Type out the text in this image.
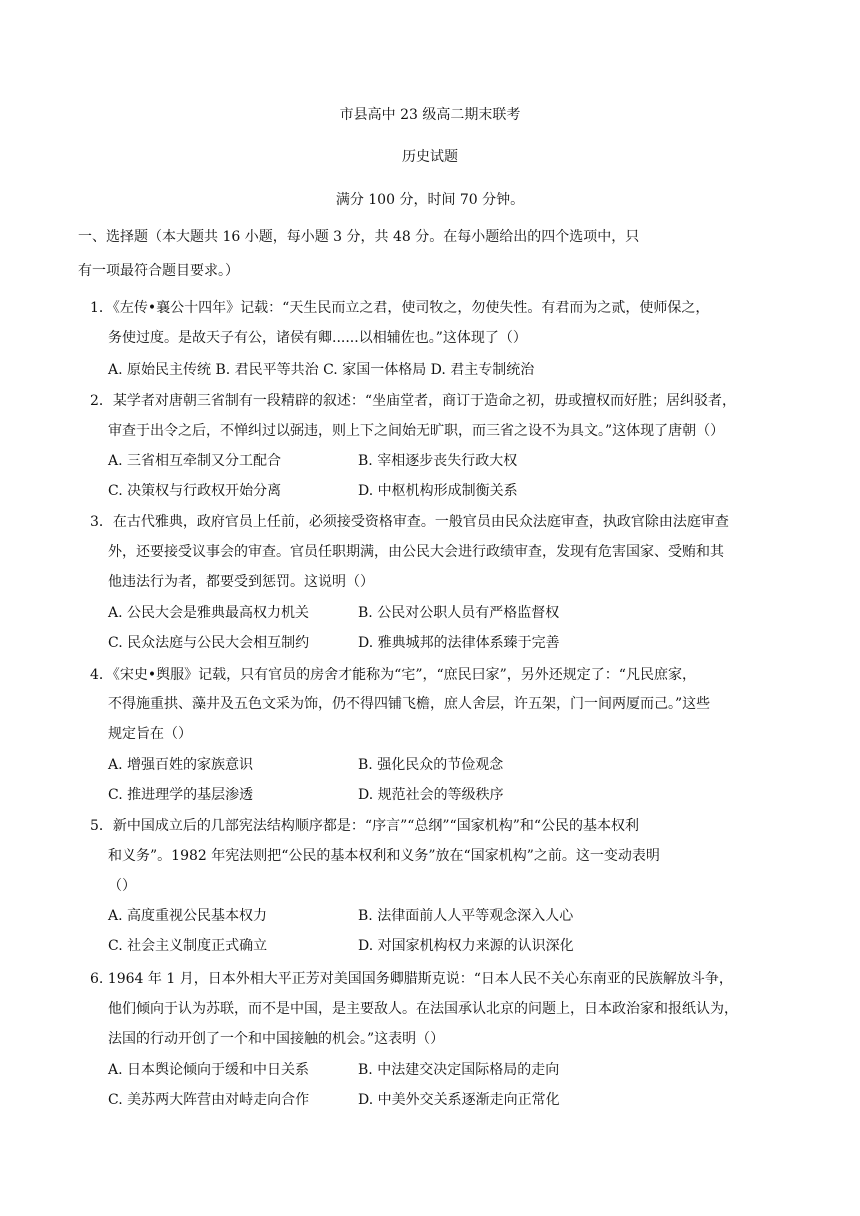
市县高中 23 级高二期末联考
历史试题
满分 100 分，时间 70 分钟。
一、选择题（本大题共 16 小题，每小题 3 分，共 48 分。在每小题给出的四个选项中，只
有一项最符合题目要求。）
1．《左传•襄公十四年》记载：“天生民而立之君，使司牧之，勿使失性。有君而为之贰，使师保之，
务使过度。是故天子有公，诸侯有卿......以相辅佐也。”这体现了（）
A. 原始民主传统 B. 君民平等共治 C. 家国一体格局 D. 君主专制统治
2．某学者对唐朝三省制有一段精辟的叙述：“坐庙堂者，商订于造命之初，毋或擅权而好胜；居纠驳者，
审查于出令之后，不惮纠过以弼违，则上下之间始无旷职，而三省之设不为具文。”这体现了唐朝（）
A. 三省相互牵制又分工配合	B. 宰相逐步丧失行政大权
C. 决策权与行政权开始分离	D. 中枢机构形成制衡关系
3．在古代雅典，政府官员上任前，必须接受资格审查。一般官员由民众法庭审查，执政官除由法庭审查
外，还要接受议事会的审查。官员任职期满，由公民大会进行政绩审查，发现有危害国家、受贿和其
他违法行为者，都要受到惩罚。这说明（）
A. 公民大会是雅典最高权力机关	B. 公民对公职人员有严格监督权
C. 民众法庭与公民大会相互制约	D. 雅典城邦的法律体系臻于完善
4．《宋史•舆服》记载，只有官员的房舍才能称为“宅”，“庶民曰家”，另外还规定了：“凡民庶家，
不得施重拱、藻井及五色文采为饰，仍不得四铺飞檐，庶人舍层，许五架，门一间两厦而己。”这些
规定旨在（）
A. 增强百姓的家族意识	B. 强化民众的节俭观念
C. 推进理学的基层渗透	D. 规范社会的等级秩序
5．新中国成立后的几部宪法结构顺序都是：“序言”“总纲”“国家机构”和“公民的基本权利
和义务”。1982 年宪法则把“公民的基本权利和义务”放在“国家机构”之前。这一变动表明
（）
A. 高度重视公民基本权力	B. 法律面前人人平等观念深入人心
C. 社会主义制度正式确立	D. 对国家机构权力来源的认识深化
6. 1964 年 1 月，日本外相大平正芳对美国国务卿腊斯克说：“日本人民不关心东南亚的民族解放斗争，
他们倾向于认为苏联，而不是中国，是主要敌人。在法国承认北京的问题上，日本政治家和报纸认为，
法国的行动开创了一个和中国接触的机会。”这表明（）
A. 日本舆论倾向于缓和中日关系	B. 中法建交决定国际格局的走向
C. 美苏两大阵营由对峙走向合作	D. 中美外交关系逐渐走向正常化
